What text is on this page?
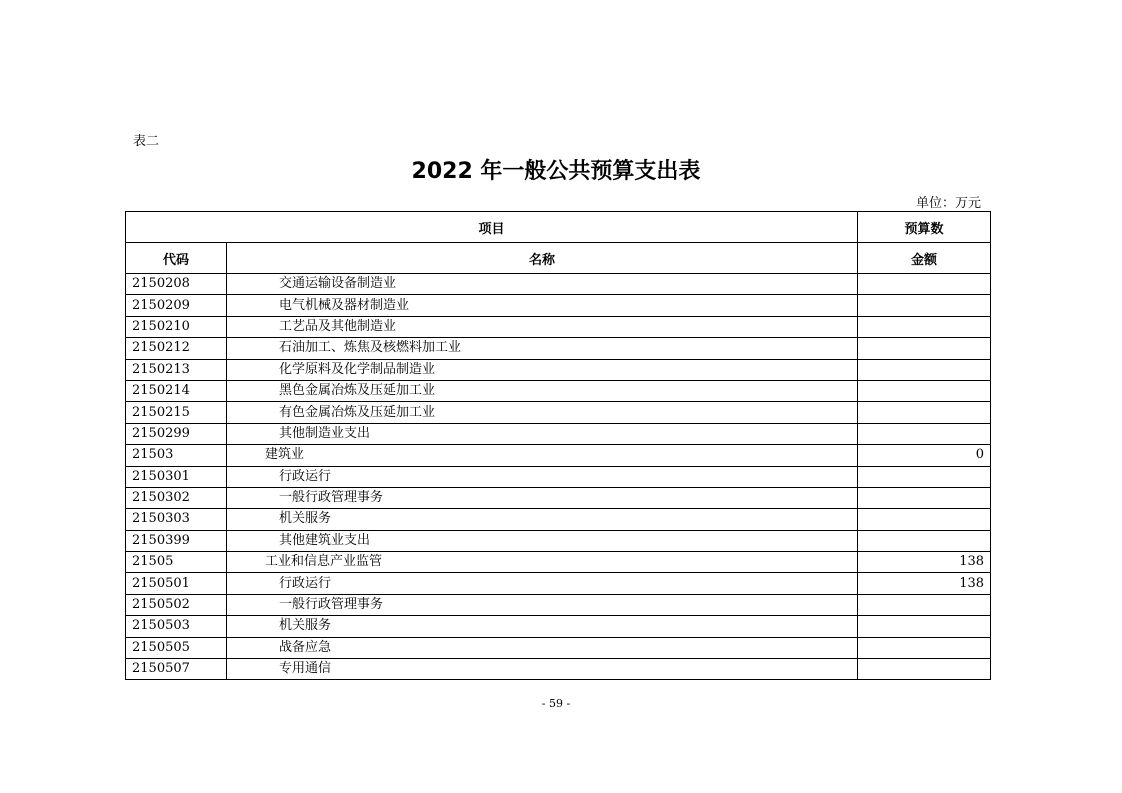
表二
2022 年一般公共预算支出表
单位：万元
项目		预算数
代码	名称	金额
2150208	交通运输设备制造业	
2150209	电气机械及器材制造业	
2150210	工艺品及其他制造业	
2150212	石油加工、炼焦及核燃料加工业	
2150213	化学原料及化学制品制造业	
2150214	黑色金属冶炼及压延加工业	
2150215	有色金属冶炼及压延加工业	
2150299	其他制造业支出	
21503	建筑业	0
2150301	行政运行	
2150302	一般行政管理事务	
2150303	机关服务	
2150399	其他建筑业支出	
21505	工业和信息产业监管	138
2150501	行政运行	138
2150502	一般行政管理事务	
2150503	机关服务	
2150505	战备应急	
2150507	专用通信	
- 59 -
